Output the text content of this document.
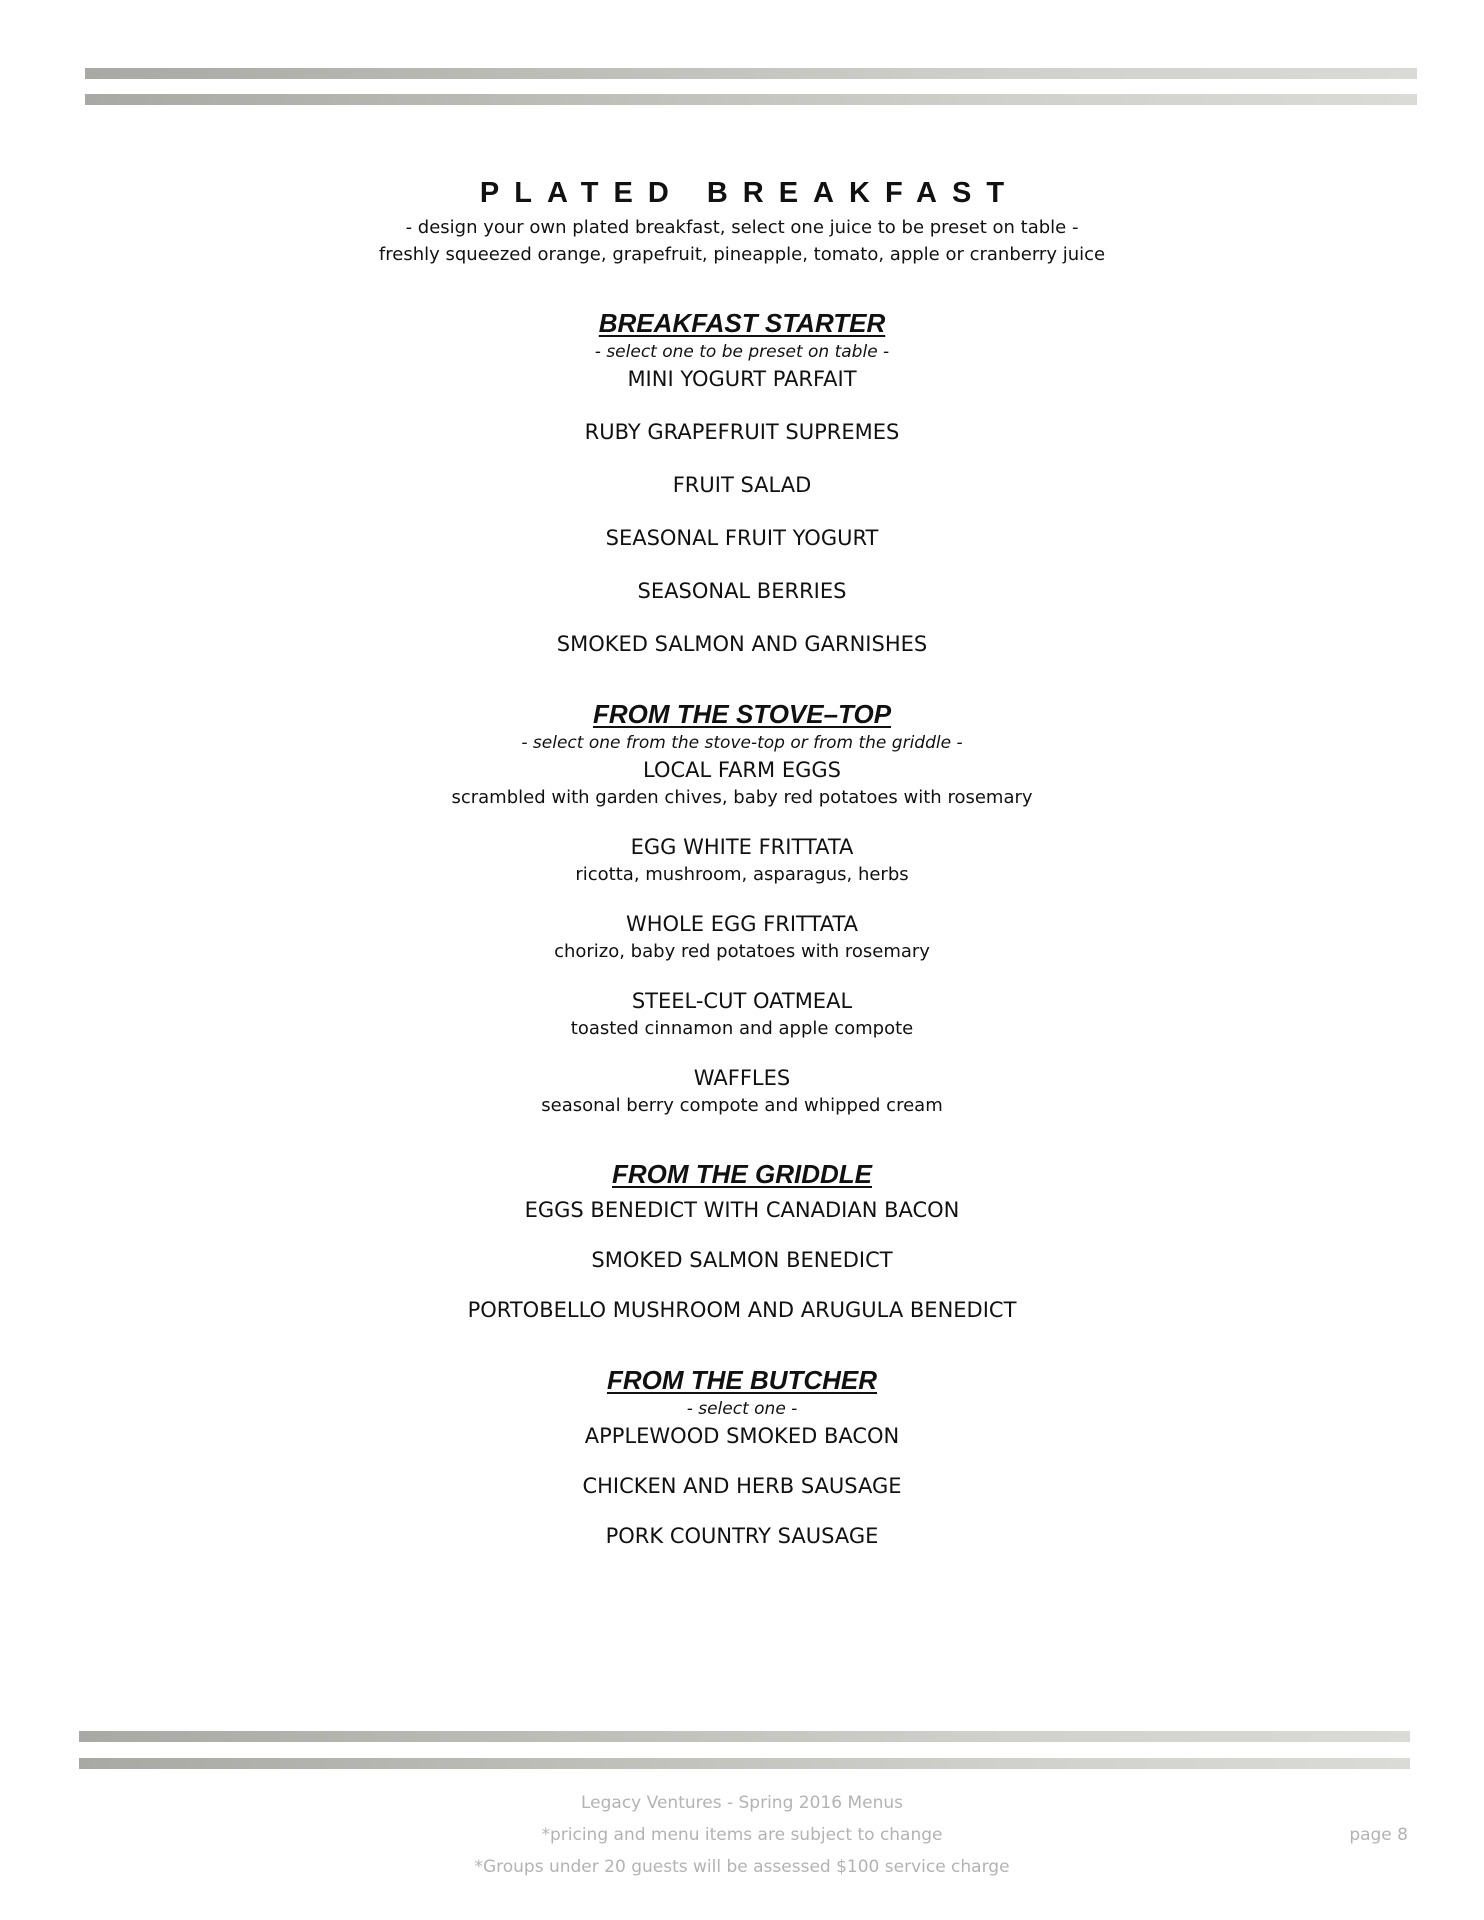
PLATED BREAKFAST
- design your own plated breakfast, select one juice to be preset on table -
freshly squeezed orange, grapefruit, pineapple, tomato, apple or cranberry juice
BREAKFAST STARTER
- select one to be preset on table -
MINI YOGURT PARFAIT
RUBY GRAPEFRUIT SUPREMES
FRUIT SALAD
SEASONAL FRUIT YOGURT
SEASONAL BERRIES
SMOKED SALMON AND GARNISHES
FROM THE STOVE–TOP
- select one from the stove-top or from the griddle -
LOCAL FARM EGGS
scrambled with garden chives, baby red potatoes with rosemary
EGG WHITE FRITTATA
ricotta, mushroom, asparagus, herbs
WHOLE EGG FRITTATA
chorizo, baby red potatoes with rosemary
STEEL-CUT OATMEAL
toasted cinnamon and apple compote
WAFFLES
seasonal berry compote and whipped cream
FROM THE GRIDDLE
EGGS BENEDICT WITH CANADIAN BACON
SMOKED SALMON BENEDICT
PORTOBELLO MUSHROOM AND ARUGULA BENEDICT
FROM THE BUTCHER
- select one -
APPLEWOOD SMOKED BACON
CHICKEN AND HERB SAUSAGE
PORK COUNTRY SAUSAGE
Legacy Ventures - Spring 2016 Menus
*pricing and menu items are subject to change
*Groups under 20 guests will be assessed $100 service charge
page 8
